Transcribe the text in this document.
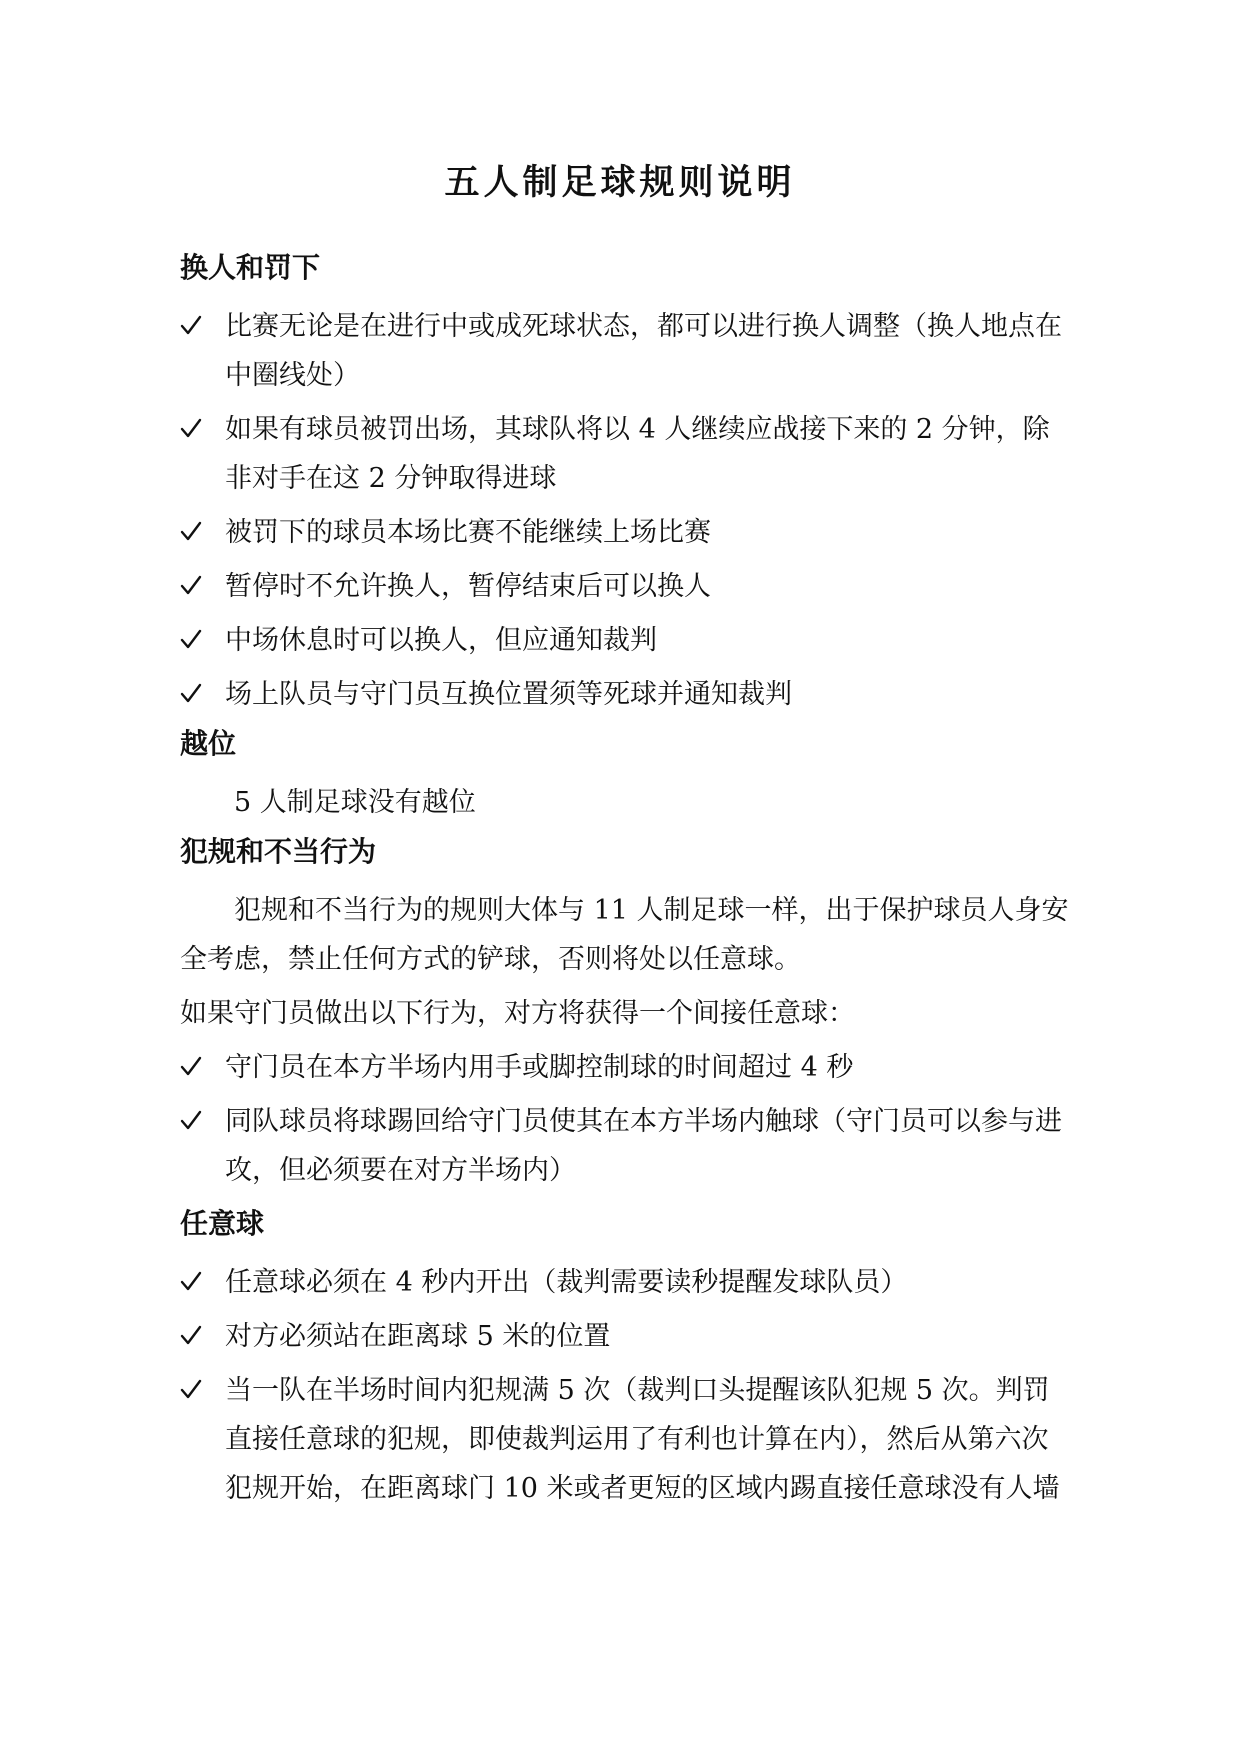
五人制足球规则说明
换人和罚下
比赛无论是在进行中或成死球状态，都可以进行换人调整（换人地点在中圈线处）
如果有球员被罚出场，其球队将以 4 人继续应战接下来的 2 分钟，除非对手在这 2 分钟取得进球
被罚下的球员本场比赛不能继续上场比赛
暂停时不允许换人，暂停结束后可以换人
中场休息时可以换人，但应通知裁判
场上队员与守门员互换位置须等死球并通知裁判
越位

5 人制足球没有越位

犯规和不当行为

犯规和不当行为的规则大体与 11 人制足球一样，出于保护球员人身安全考虑，禁止任何方式的铲球，否则将处以任意球。

如果守门员做出以下行为，对方将获得一个间接任意球：

守门员在本方半场内用手或脚控制球的时间超过 4 秒
同队球员将球踢回给守门员使其在本方半场内触球（守门员可以参与进攻，但必须要在对方半场内）
任意球
任意球必须在 4 秒内开出（裁判需要读秒提醒发球队员）
对方必须站在距离球 5 米的位置
当一队在半场时间内犯规满 5 次（裁判口头提醒该队犯规 5 次。判罚直接任意球的犯规，即使裁判运用了有利也计算在内），然后从第六次犯规开始，在距离球门 10 米或者更短的区域内踢直接任意球没有人墙
